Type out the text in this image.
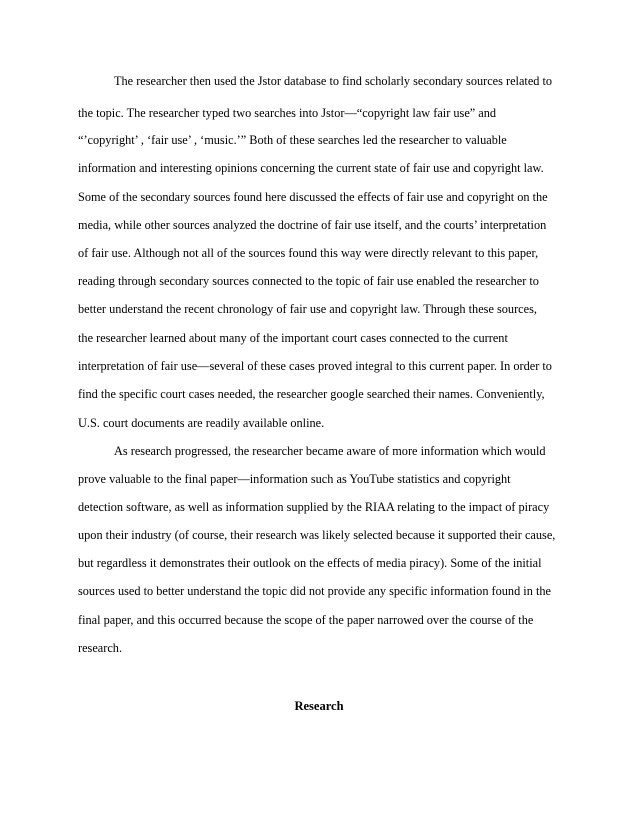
The researcher then used the Jstor database to find scholarly secondary sources related to
the topic. The researcher typed two searches into Jstor—“copyright law fair use” and
“’copyright’ , ‘fair use’ , ‘music.’” Both of these searches led the researcher to valuable
information and interesting opinions concerning the current state of fair use and copyright law.
Some of the secondary sources found here discussed the effects of fair use and copyright on the
media, while other sources analyzed the doctrine of fair use itself, and the courts’ interpretation
of fair use. Although not all of the sources found this way were directly relevant to this paper,
reading through secondary sources connected to the topic of fair use enabled the researcher to
better understand the recent chronology of fair use and copyright law. Through these sources,
the researcher learned about many of the important court cases connected to the current
interpretation of fair use—several of these cases proved integral to this current paper. In order to
find the specific court cases needed, the researcher google searched their names. Conveniently,
U.S. court documents are readily available online.
As research progressed, the researcher became aware of more information which would
prove valuable to the final paper—information such as YouTube statistics and copyright
detection software, as well as information supplied by the RIAA relating to the impact of piracy
upon their industry (of course, their research was likely selected because it supported their cause,
but regardless it demonstrates their outlook on the effects of media piracy). Some of the initial
sources used to better understand the topic did not provide any specific information found in the
final paper, and this occurred because the scope of the paper narrowed over the course of the
research.
Research
